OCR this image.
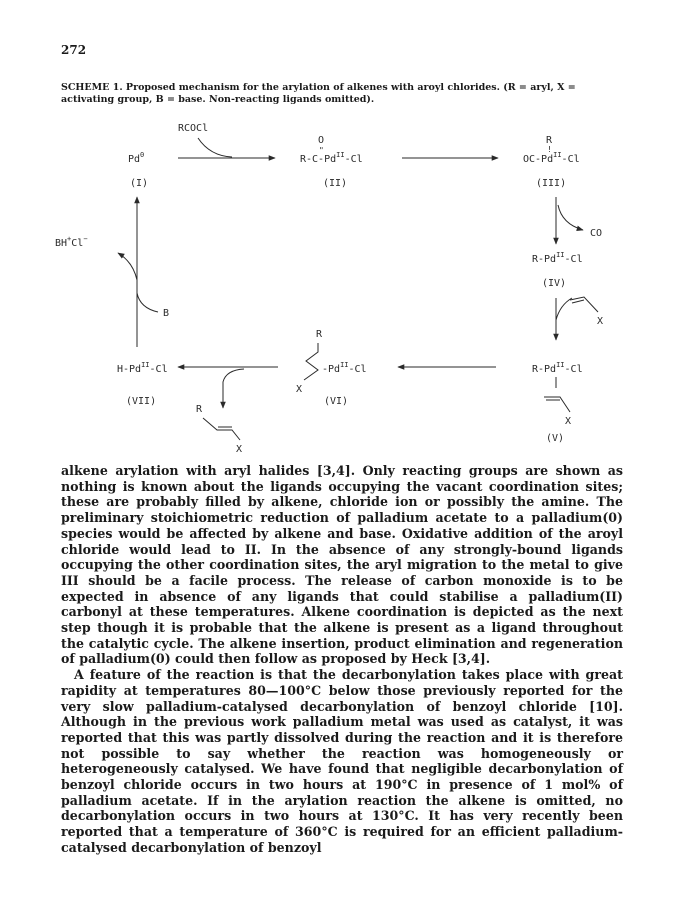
272
SCHEME 1. Proposed mechanism for the arylation of alkenes with aroyl chlorides. (R = aryl, X = activating group, B = base. Non-reacting ligands omitted).
Pd$^0$
(I)
RCOCl
O
"
$R-C-Pd^{II}-Cl$
(II)
R
!
$OC-Pd^{II}-Cl$
(III)
CO
$R-Pd^{II}-Cl$
(IV)
X
$R-Pd^{II}-Cl$
X
(V)
R
X
$-Pd^{II}-Cl$
(VI)
R
X
$H-Pd^{II}-Cl$
(VII)
B
BH+Cl−

alkene arylation with aryl halides [3,4]. Only reacting groups are shown as nothing is known about the ligands occupying the vacant coordination sites; these are probably filled by alkene, chloride ion or possibly the amine. The preliminary stoichiometric reduction of palladium acetate to a palladium(0) species would be affected by alkene and base. Oxidative addition of the aroyl chloride would lead to II. In the absence of any strongly-bound ligands occupying the other coordination sites, the aryl migration to the metal to give III should be a facile process. The release of carbon monoxide is to be expected in absence of any ligands that could stabilise a palladium(II) carbonyl at these temperatures. Alkene coordination is depicted as the next step though it is probable that the alkene is present as a ligand throughout the catalytic cycle. The alkene insertion, product elimination and regeneration of palladium(0) could then follow as proposed by Heck [3,4].

A feature of the reaction is that the decarbonylation takes place with great rapidity at temperatures 80—100°C below those previously reported for the very slow palladium-catalysed decarbonylation of benzoyl chloride [10]. Although in the previous work palladium metal was used as catalyst, it was reported that this was partly dissolved during the reaction and it is therefore not possible to say whether the reaction was homogeneously or heterogeneously catalysed. We have found that negligible decarbonylation of benzoyl chloride occurs in two hours at 190°C in presence of 1 mol% of palladium acetate. If in the arylation reaction the alkene is omitted, no decarbonylation occurs in two hours at 130°C. It has very recently been reported that a temperature of 360°C is required for an efficient palladium-catalysed decarbonylation of benzoyl
